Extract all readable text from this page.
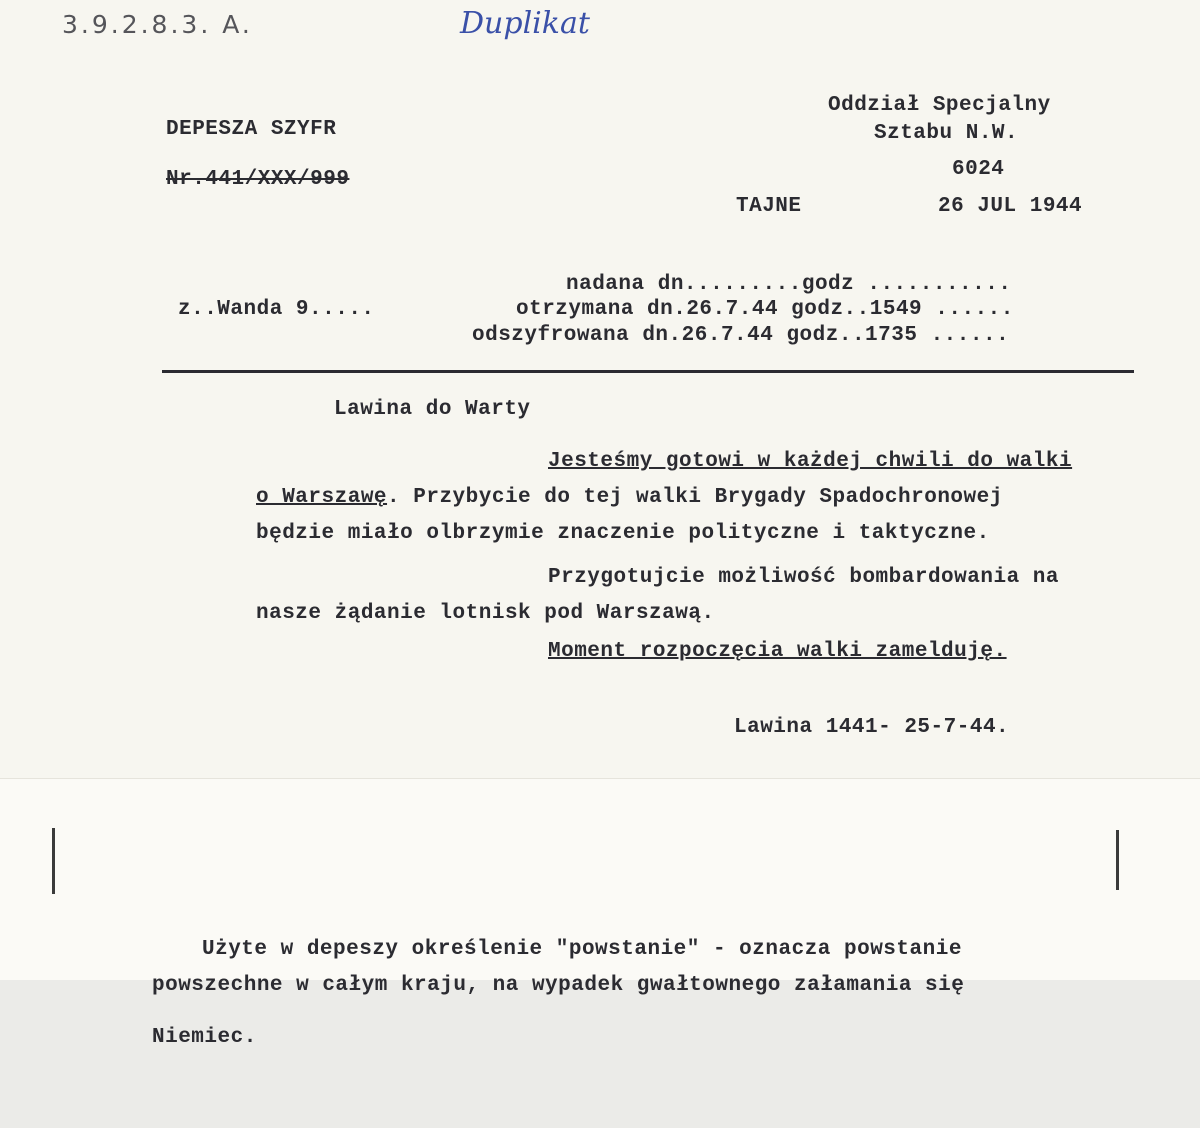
3.9.2.8.3. A.	Duplikat
DEPESZA SZYFR
Nr.441/XXX/999
Oddział Specjalny
Sztabu N.W.
6024
TAJNE	26 JUL 1944
nadana dn.........godz ...........
z..Wanda 9.....	otrzymana dn.26.7.44 godz..1549 ......
odszyfrowana dn.26.7.44 godz..1735 ......
Lawina do Warty
Jesteśmy gotowi w każdej chwili do walki
o Warszawę. Przybycie do tej walki Brygady Spadochronowej
będzie miało olbrzymie znaczenie polityczne i taktyczne.
Przygotujcie możliwość bombardowania na
nasze żądanie lotnisk pod Warszawą.
Moment rozpoczęcia walki zamelduję.
Lawina 1441- 25-7-44.
Użyte w depeszy określenie "powstanie" - oznacza powstanie
powszechne w całym kraju, na wypadek gwałtownego załamania się
Niemiec.
